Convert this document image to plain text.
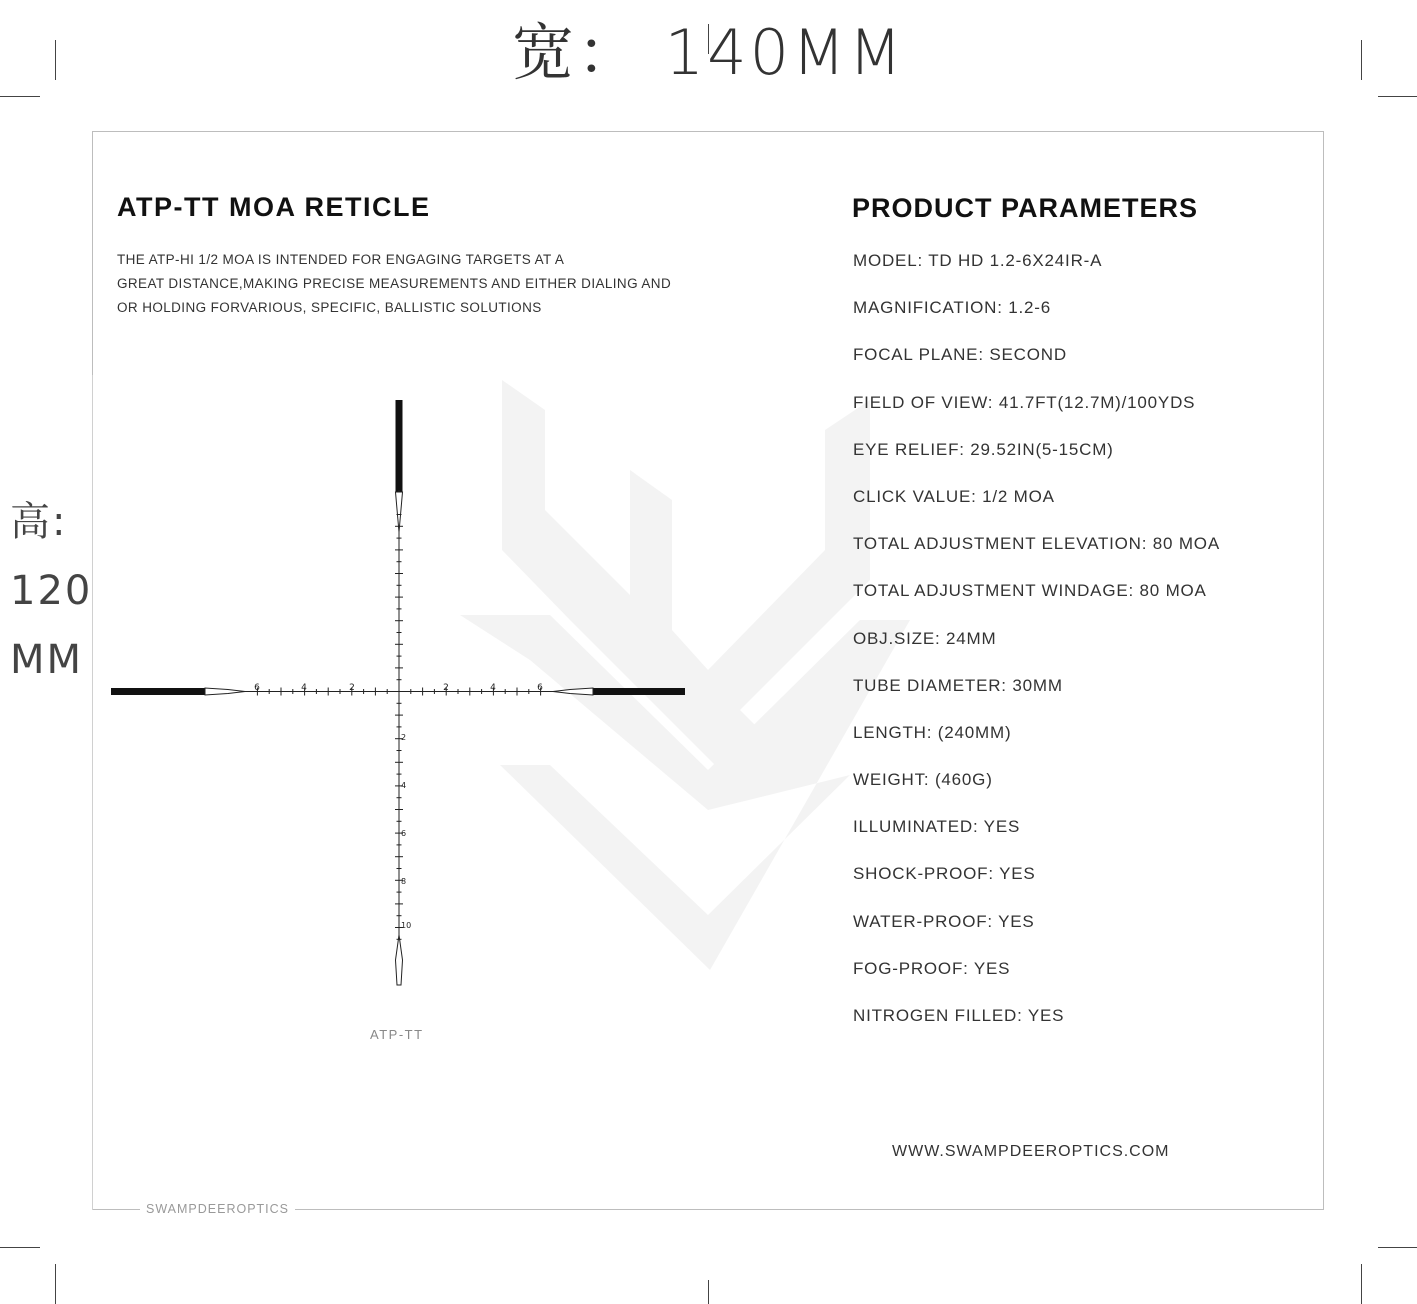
宽： 140MM
高:
120
MM
ATP-TT MOA RETICLE
THE ATP-HI 1/2 MOA IS INTENDED FOR ENGAGING TARGETS AT A
GREAT DISTANCE,MAKING PRECISE MEASUREMENTS AND EITHER DIALING AND
OR HOLDING FORVARIOUS, SPECIFIC, BALLISTIC SOLUTIONS
6	4	2	2	4	6
2
4
6
8
10
ATP-TT
PRODUCT PARAMETERS
MODEL: TD HD 1.2-6X24IR-A
MAGNIFICATION: 1.2-6
FOCAL PLANE: SECOND
FIELD OF VIEW: 41.7FT(12.7M)/100YDS
EYE RELIEF: 29.52IN(5-15CM)
CLICK VALUE: 1/2 MOA
TOTAL ADJUSTMENT ELEVATION: 80 MOA
TOTAL ADJUSTMENT WINDAGE: 80 MOA
OBJ.SIZE: 24MM
TUBE DIAMETER: 30MM
LENGTH: (240MM)
WEIGHT: (460G)
ILLUMINATED: YES
SHOCK-PROOF: YES
WATER-PROOF: YES
FOG-PROOF: YES
NITROGEN FILLED: YES
WWW.SWAMPDEEROPTICS.COM
SWAMPDEEROPTICS
